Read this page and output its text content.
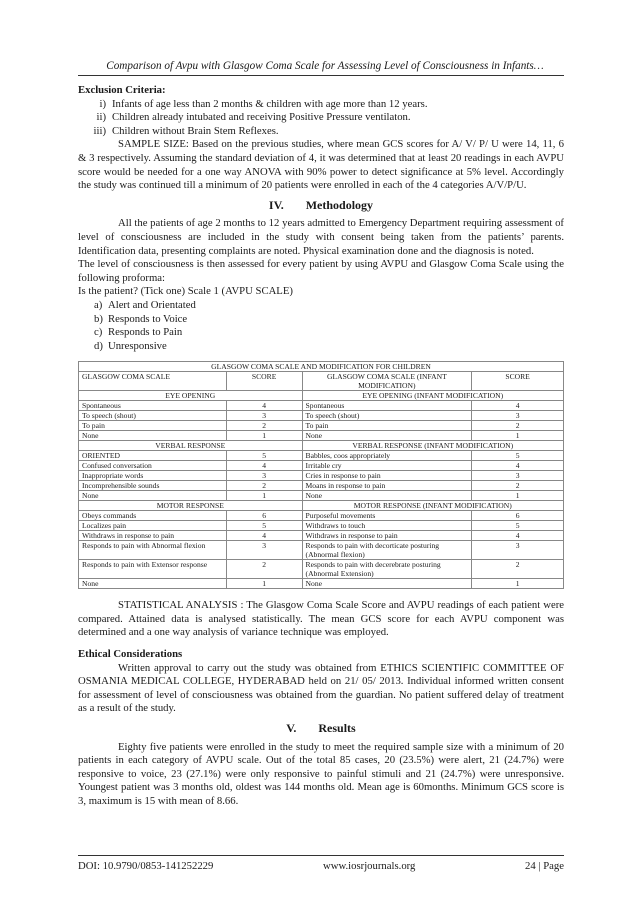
Comparison of Avpu with Glasgow Coma Scale for Assessing Level of Consciousness in Infants…

Exclusion Criteria:

i) Infants of age less than 2 months & children with age more than 12 years.
ii) Children already intubated and receiving Positive Pressure ventilaton.
iii) Children without Brain Stem Reflexes.

SAMPLE SIZE: Based on the previous studies, where mean GCS scores for A/ V/ P/ U were 14, 11, 6 & 3 respectively. Assuming the standard deviation of 4, it was determined that at least 20 readings in each AVPU score would be needed for a one way ANOVA with 90% power to detect significance at 5% level. Accordingly the study was continued till a minimum of 20 patients were enrolled in each of the 4 categories A/V/P/U.

IV. Methodology

All the patients of age 2 months to 12 years admitted to Emergency Department requiring assessment of level of consciousness are included in the study with consent being taken from the patients’ parents. Identification data, presenting complaints are noted. Physical examination done and the diagnosis is noted.

The level of consciousness is then assessed for every patient by using AVPU and Glasgow Coma Scale using the following proforma:

Is the patient? (Tick one) Scale 1 (AVPU SCALE)

a) Alert and Orientated
b) Responds to Voice
c) Responds to Pain
d) Unresponsive
GLASGOW COMA SCALE AND MODIFICATION FOR CHILDREN			
GLASGOW COMA SCALE	SCORE	GLASGOW COMA SCALE (INFANT MODIFICATION)	SCORE
EYE OPENING		EYE OPENING (INFANT MODIFICATION)	
Spontaneous	4	Spontaneous	4
To speech (shout)	3	To speech (shout)	3
To pain	2	To pain	2
None	1	None	1
VERBAL RESPONSE		VERBAL RESPONSE (INFANT MODIFICATION)	
ORIENTED	5	Babbles, coos appropriately	5
Confused conversation	4	Irritable cry	4
Inappropriate words	3	Cries in response to pain	3
Incomprehensible sounds	2	Moans in response to pain	2
None	1	None	1
MOTOR RESPONSE		MOTOR RESPONSE (INFANT MODIFICATION)	
Obeys commands	6	Purposeful movements	6
Localizes pain	5	Withdraws to touch	5
Withdraws in response to pain	4	Withdraws in response to pain	4
Responds to pain with Abnormal flexion	3	Responds to pain with decorticate posturing (Abnormal flexion)	3
Responds to pain with Extensor response	2	Responds to pain with decerebrate posturing (Abnormal Extension)	2
None	1	None	1

STATISTICAL ANALYSIS : The Glasgow Coma Scale Score and AVPU readings of each patient were compared. Attained data is analysed statistically. The mean GCS score for each AVPU component was determined and a one way analysis of variance technique was employed.

Ethical Considerations

Written approval to carry out the study was obtained from ETHICS SCIENTIFIC COMMITTEE OF OSMANIA MEDICAL COLLEGE, HYDERABAD held on 21/ 05/ 2013. Individual informed written consent for assessment of level of consciousness was obtained from the guardian. No patient suffered delay of treatment as a result of the study.

V. Results

Eighty five patients were enrolled in the study to meet the required sample size with a minimum of 20 patients in each category of AVPU scale. Out of the total 85 cases, 20 (23.5%) were alert, 21 (24.7%) were responsive to voice, 23 (27.1%) were only responsive to painful stimuli and 21 (24.7%) were unresponsive. Youngest patient was 3 months old, oldest was 144 months old. Mean age is 60months. Minimum GCS score is 3, maximum is 15 with mean of 8.66.

DOI: 10.9790/0853-141252229	www.iosrjournals.org	24 | Page
